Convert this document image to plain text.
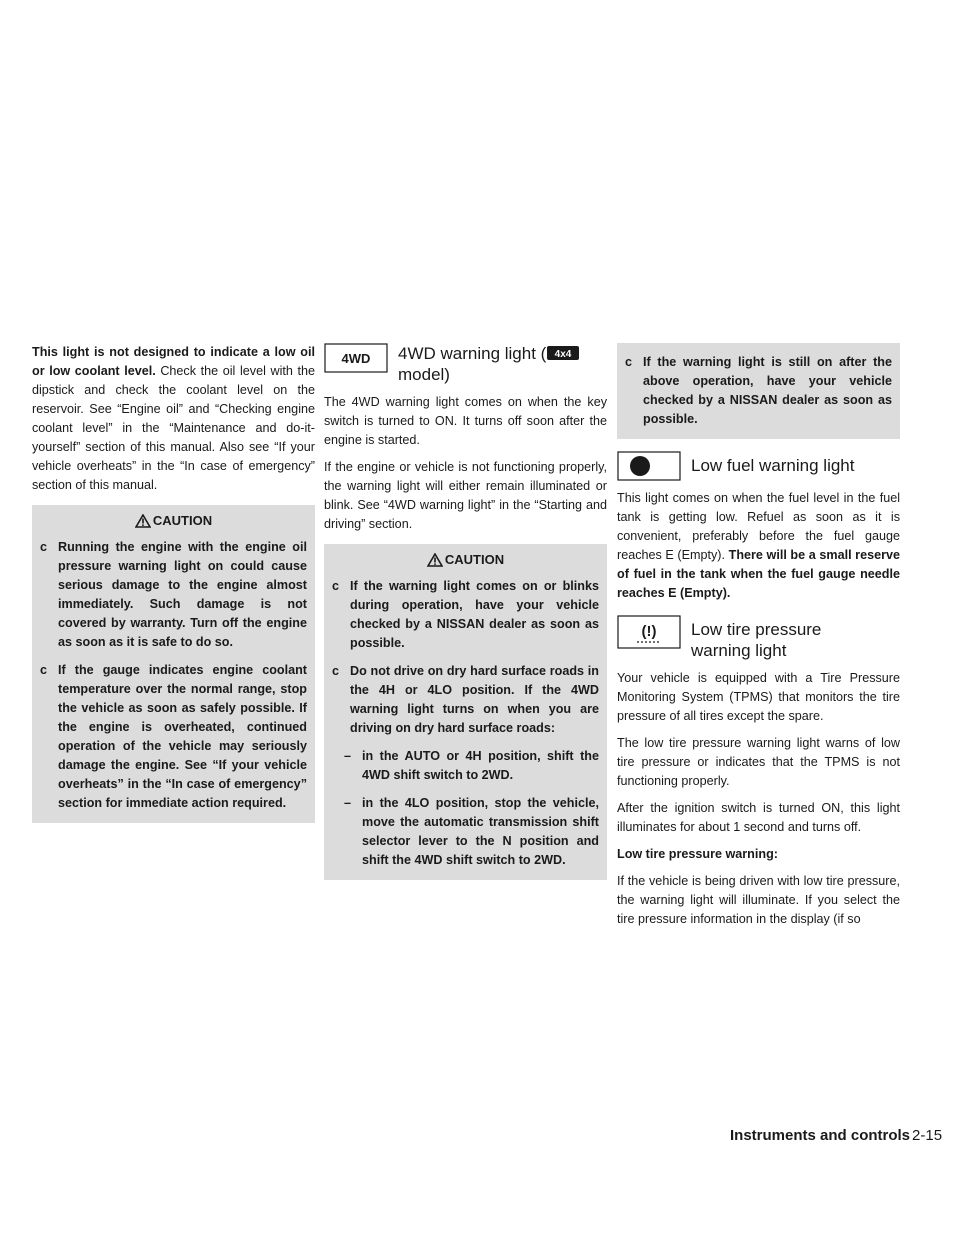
This light is not designed to indicate a low oil or low coolant level. Check the oil level with the dipstick and check the coolant level on the reservoir. See “Engine oil” and “Checking engine coolant level” in the “Maintenance and do-it-yourself” section of this manual. Also see “If your vehicle overheats” in the “In case of emergency” section of this manual.

CAUTION
c Running the engine with the engine oil pressure warning light on could cause serious damage to the engine almost immediately. Such damage is not covered by warranty. Turn off the engine as soon as it is safe to do so.
c If the gauge indicates engine coolant temperature over the normal range, stop the vehicle as soon as safely possible. If the engine is overheated, continued operation of the vehicle may seriously damage the engine. See “If your vehicle overheats” in the “In case of emergency” section for immediate action required.
4WD 4WD warning light ( 4x4

model)

The 4WD warning light comes on when the key switch is turned to ON. It turns off soon after the engine is started.

If the engine or vehicle is not functioning properly, the warning light will either remain illuminated or blink. See “4WD warning light” in the “Starting and driving” section.

CAUTION
c If the warning light comes on or blinks during operation, have your vehicle checked by a NISSAN dealer as soon as possible.
c Do not drive on dry hard surface roads in the 4H or 4LO position. If the 4WD warning light turns on when you are driving on dry hard surface roads:
– in the AUTO or 4H position, shift the 4WD shift switch to 2WD.
– in the 4LO position, stop the vehicle, move the automatic transmission shift selector lever to the N position and shift the 4WD shift switch to 2WD.
c If the warning light is still on after the above operation, have your vehicle checked by a NISSAN dealer as soon as possible.
Low fuel warning light

This light comes on when the fuel level in the fuel tank is getting low. Refuel as soon as it is convenient, preferably before the fuel gauge reaches E (Empty). There will be a small reserve of fuel in the tank when the fuel gauge needle reaches E (Empty).

(!) Low tire pressure warning light

Your vehicle is equipped with a Tire Pressure Monitoring System (TPMS) that monitors the tire pressure of all tires except the spare.

The low tire pressure warning light warns of low tire pressure or indicates that the TPMS is not functioning properly.

After the ignition switch is turned ON, this light illuminates for about 1 second and turns off.

Low tire pressure warning:

If the vehicle is being driven with low tire pressure, the warning light will illuminate. If you select the tire pressure information in the display (if so

Instruments and controls 2-15
